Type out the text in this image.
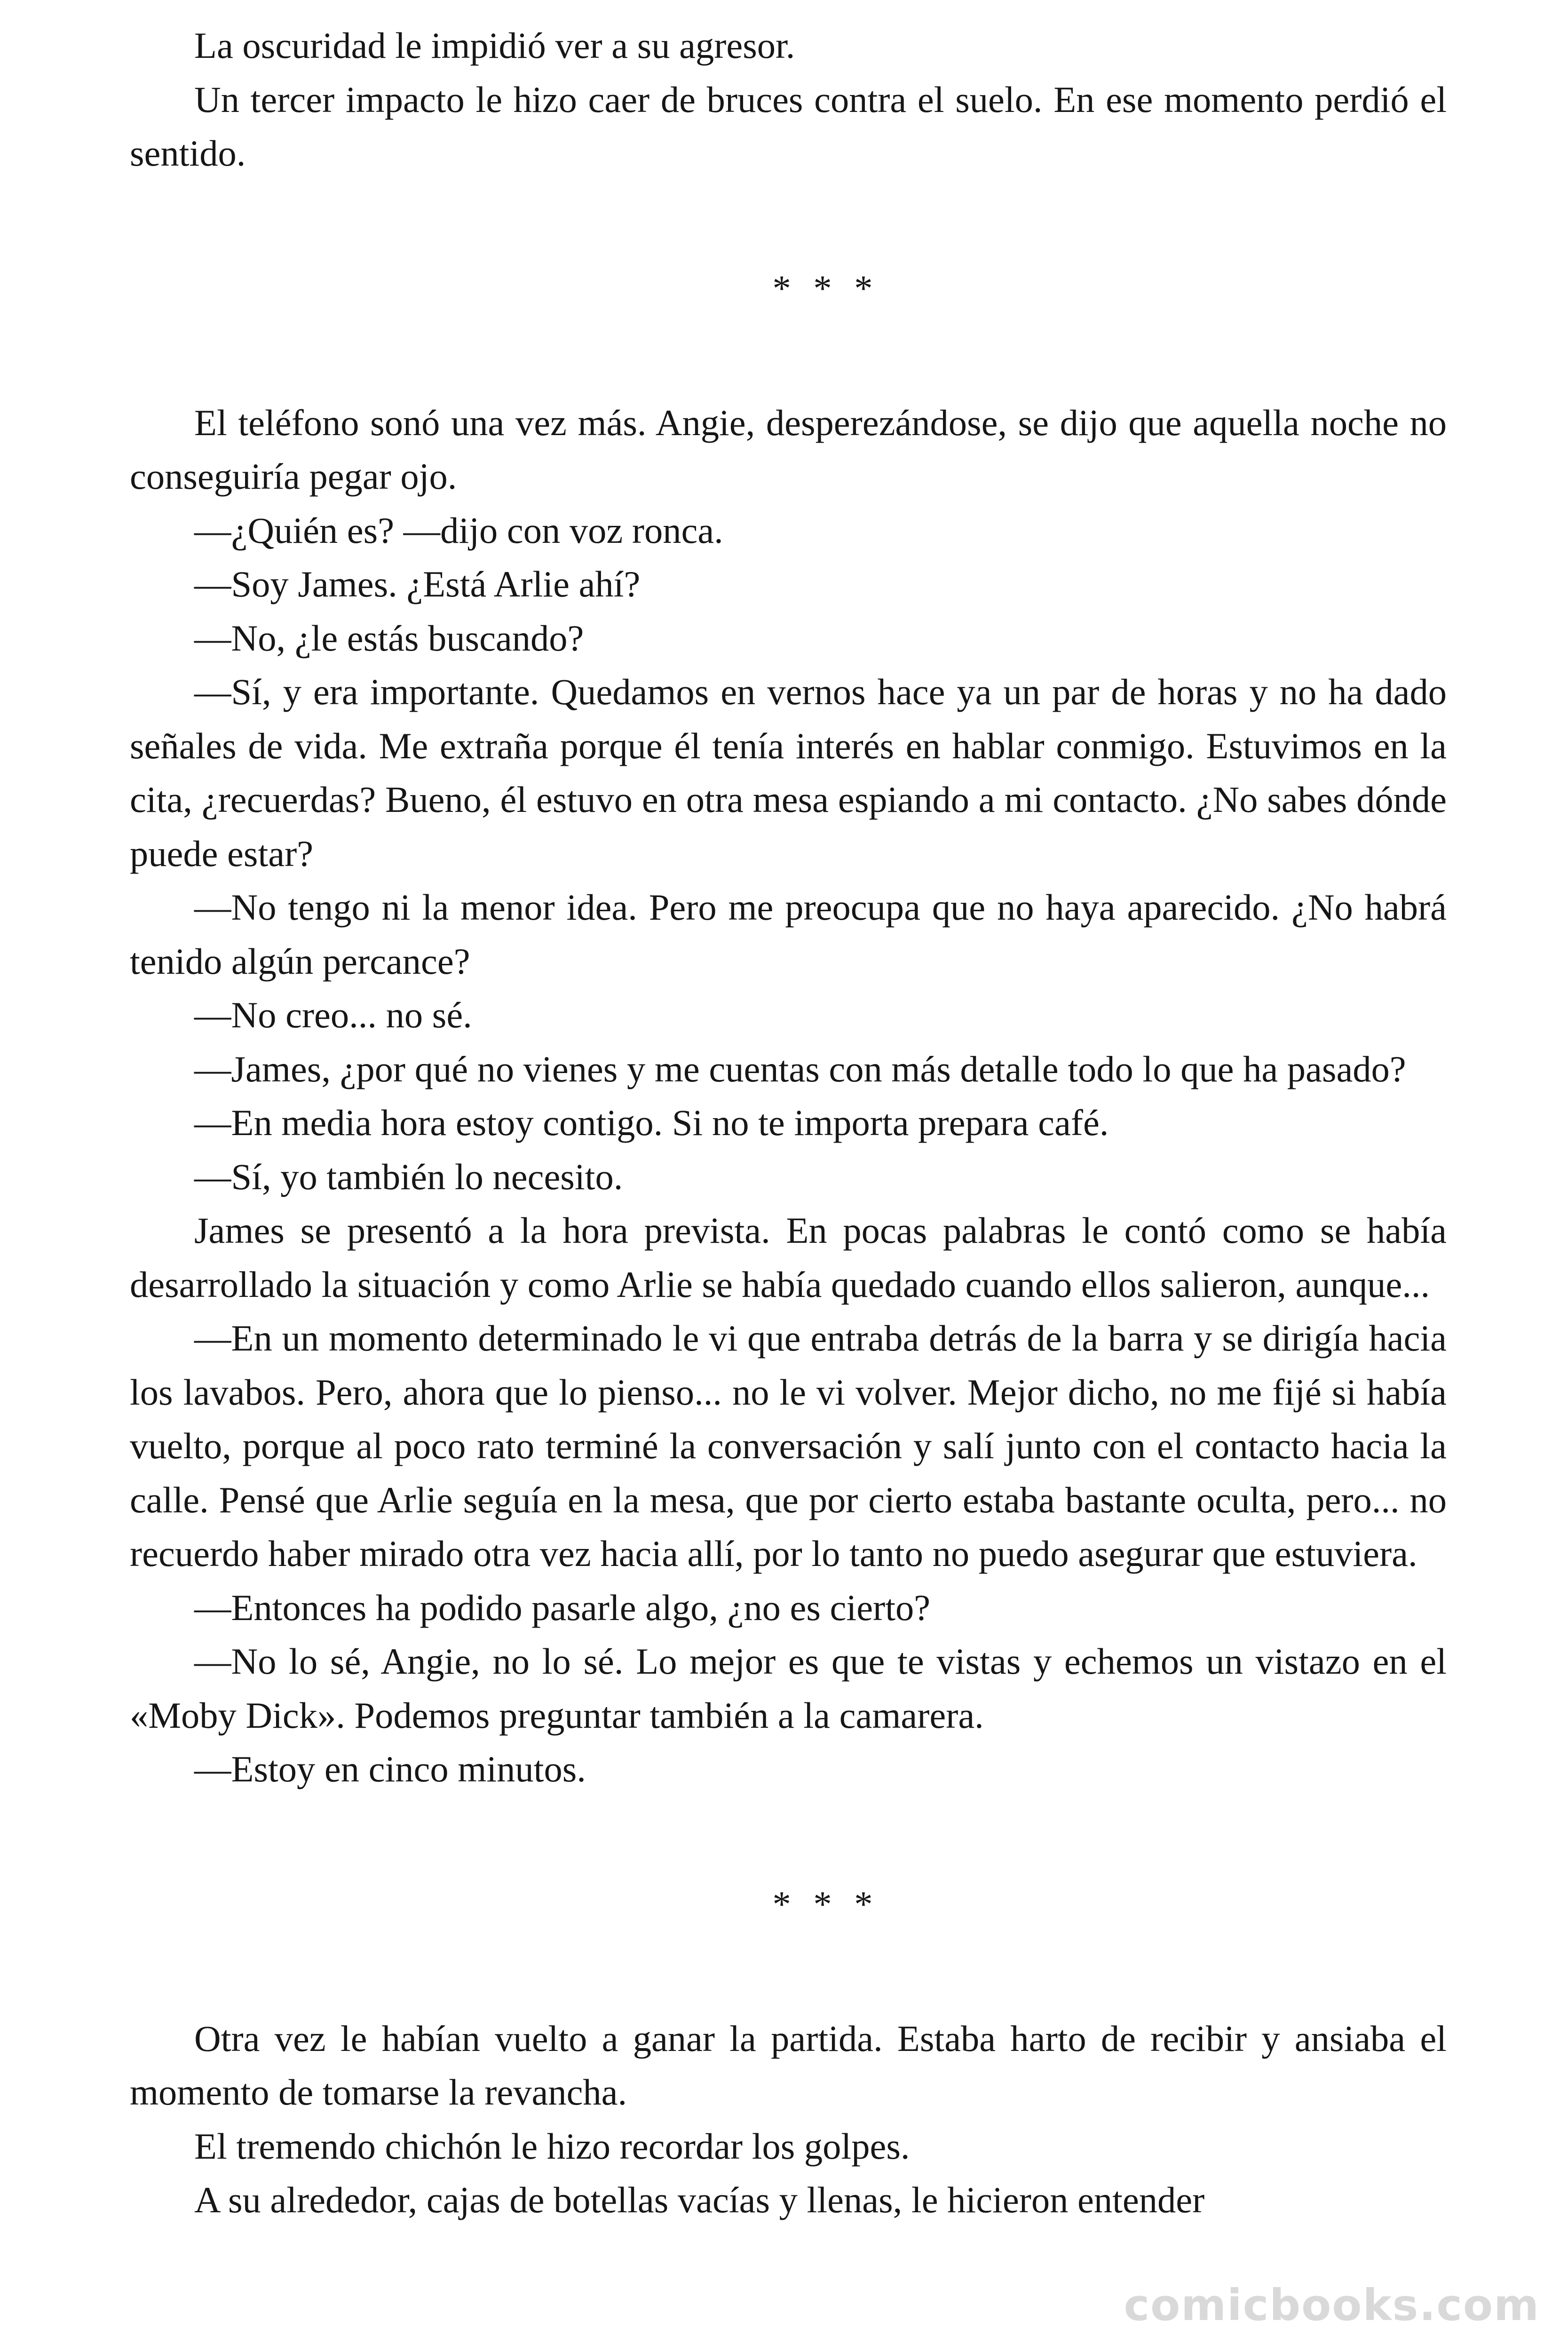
La oscuridad le impidió ver a su agresor.

Un tercer impacto le hizo caer de bruces contra el suelo. En ese momento perdió el sentido.

* * *

El teléfono sonó una vez más. Angie, desperezándose, se dijo que aquella noche no conseguiría pegar ojo.

—¿Quién es? —dijo con voz ronca.

—Soy James. ¿Está Arlie ahí?

—No, ¿le estás buscando?

—Sí, y era importante. Quedamos en vernos hace ya un par de horas y no ha dado señales de vida. Me extraña porque él tenía interés en hablar conmigo. Estuvimos en la cita, ¿recuerdas? Bueno, él estuvo en otra mesa espiando a mi contacto. ¿No sabes dónde puede estar?

—No tengo ni la menor idea. Pero me preocupa que no haya aparecido. ¿No habrá tenido algún percance?

—No creo... no sé.

—James, ¿por qué no vienes y me cuentas con más detalle todo lo que ha pasado?

—En media hora estoy contigo. Si no te importa prepara café.

—Sí, yo también lo necesito.

James se presentó a la hora prevista. En pocas palabras le contó como se había desarrollado la situación y como Arlie se había quedado cuando ellos salieron, aunque...

—En un momento determinado le vi que entraba detrás de la barra y se dirigía hacia los lavabos. Pero, ahora que lo pienso... no le vi volver. Mejor dicho, no me fijé si había vuelto, porque al poco rato terminé la conversación y salí junto con el contacto hacia la calle. Pensé que Arlie seguía en la mesa, que por cierto estaba bastante oculta, pero... no recuerdo haber mirado otra vez hacia allí, por lo tanto no puedo asegurar que estuviera.

—Entonces ha podido pasarle algo, ¿no es cierto?

—No lo sé, Angie, no lo sé. Lo mejor es que te vistas y echemos un vistazo en el «Moby Dick». Podemos preguntar también a la camarera.

—Estoy en cinco minutos.

* * *

Otra vez le habían vuelto a ganar la partida. Estaba harto de recibir y ansiaba el momento de tomarse la revancha.

El tremendo chichón le hizo recordar los golpes.

A su alrededor, cajas de botellas vacías y llenas, le hicieron entender

comicbooks.com
